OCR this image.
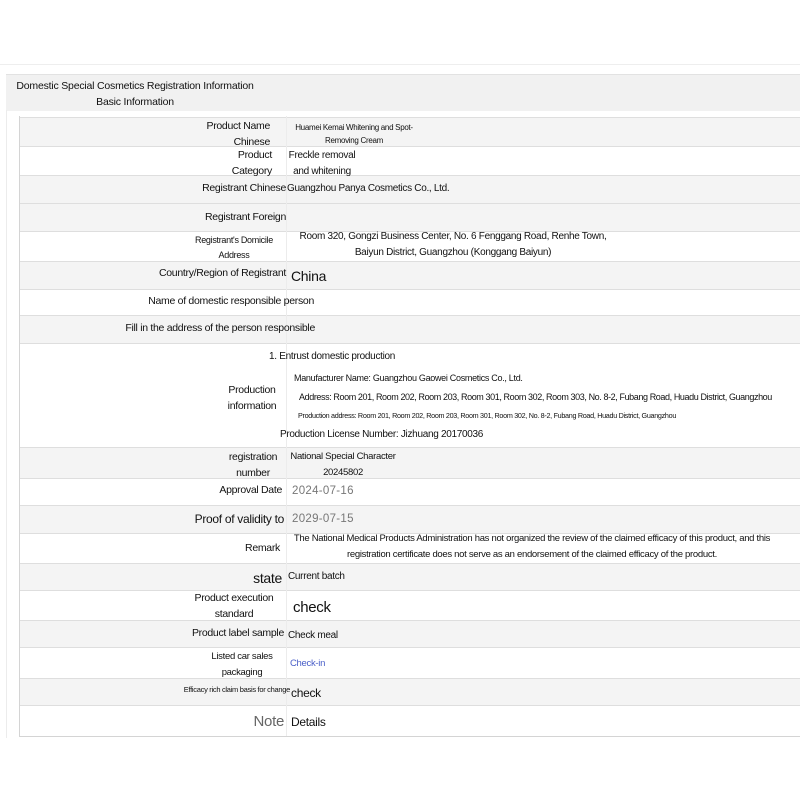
Domestic Special Cosmetics Registration Information Basic Information
Product Name Chinese
Huamei Kemai Whitening and Spot-Removing Cream
Product Category
Freckle removal and whitening
Registrant Chinese Guangzhou Panya Cosmetics Co., Ltd.
Registrant Foreign
Registrant's Domicile Address
Room 320, Gongzi Business Center, No. 6 Fenggang Road, Renhe Town, Baiyun District, Guangzhou (Konggang Baiyun)
Country/Region of Registrant China
Name of domestic responsible person
Fill in the address of the person responsible
Production information
1. Entrust domestic production
Manufacturer Name: Guangzhou Gaowei Cosmetics Co., Ltd.
Address: Room 201, Room 202, Room 203, Room 301, Room 302, Room 303, No. 8-2, Fubang Road, Huadu District, Guangzhou
Production address: Room 201, Room 202, Room 203, Room 301, Room 302, No. 8-2, Fubang Road, Huadu District, Guangzhou
Production License Number: Jizhuang 20170036
registration number
National Special Character 20245802
Approval Date 2024-07-16
Proof of validity to 2029-07-15
Remark
The National Medical Products Administration has not organized the review of the claimed efficacy of this product, and this registration certificate does not serve as an endorsement of the claimed efficacy of the product.
state Current batch
Product execution standard	check
Product label sample Check meal
Listed car sales packaging
Check-in
Efficacy rich claim basis for change check
Note Details
